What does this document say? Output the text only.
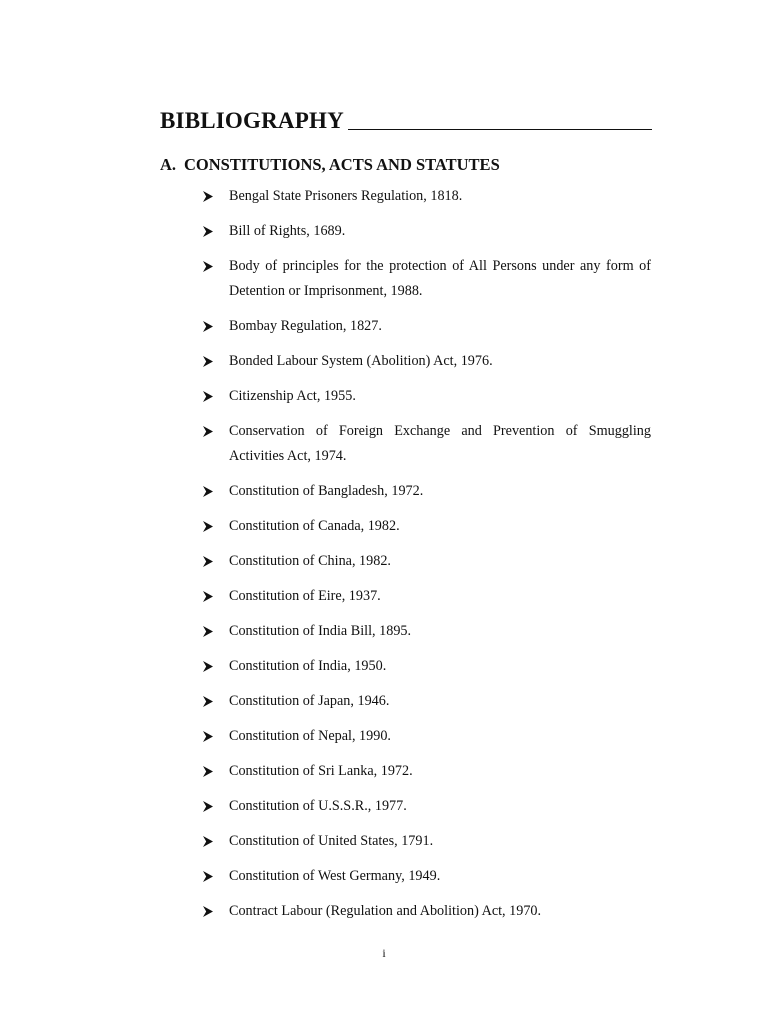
BIBLIOGRAPHY
A. CONSTITUTIONS, ACTS AND STATUTES
Bengal State Prisoners Regulation, 1818.
Bill of Rights, 1689.
Body of principles for the protection of All Persons under any form of Detention or Imprisonment, 1988.
Bombay Regulation, 1827.
Bonded Labour System (Abolition) Act, 1976.
Citizenship Act, 1955.
Conservation of Foreign Exchange and Prevention of Smuggling Activities Act, 1974.
Constitution of Bangladesh, 1972.
Constitution of Canada, 1982.
Constitution of China, 1982.
Constitution of Eire, 1937.
Constitution of India Bill, 1895.
Constitution of India, 1950.
Constitution of Japan, 1946.
Constitution of Nepal, 1990.
Constitution of Sri Lanka, 1972.
Constitution of U.S.S.R., 1977.
Constitution of United States, 1791.
Constitution of West Germany, 1949.
Contract Labour (Regulation and Abolition) Act, 1970.
i
